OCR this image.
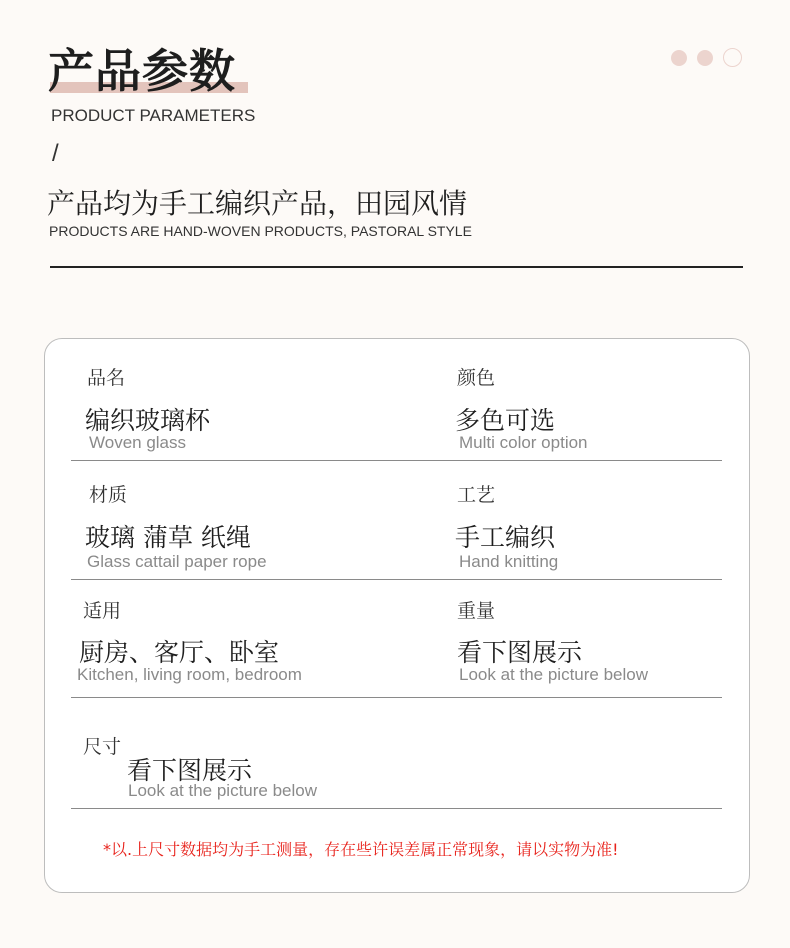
产品参数
PRODUCT PARAMETERS
/
产品均为手工编织产品，田园风情
PRODUCTS ARE HAND-WOVEN PRODUCTS, PASTORAL STYLE
品名
编织玻璃杯
Woven glass
颜色
多色可选
Multi color option
材质
玻璃 蒲草 纸绳
Glass cattail paper rope
工艺
手工编织
Hand knitting
适用
厨房、客厅、卧室
Kitchen, living room, bedroom
重量
看下图展示
Look at the picture below
尺寸
看下图展示
Look at the picture below
*以.上尺寸数据均为手工测量，存在些许误差属正常现象，请以实物为准!
